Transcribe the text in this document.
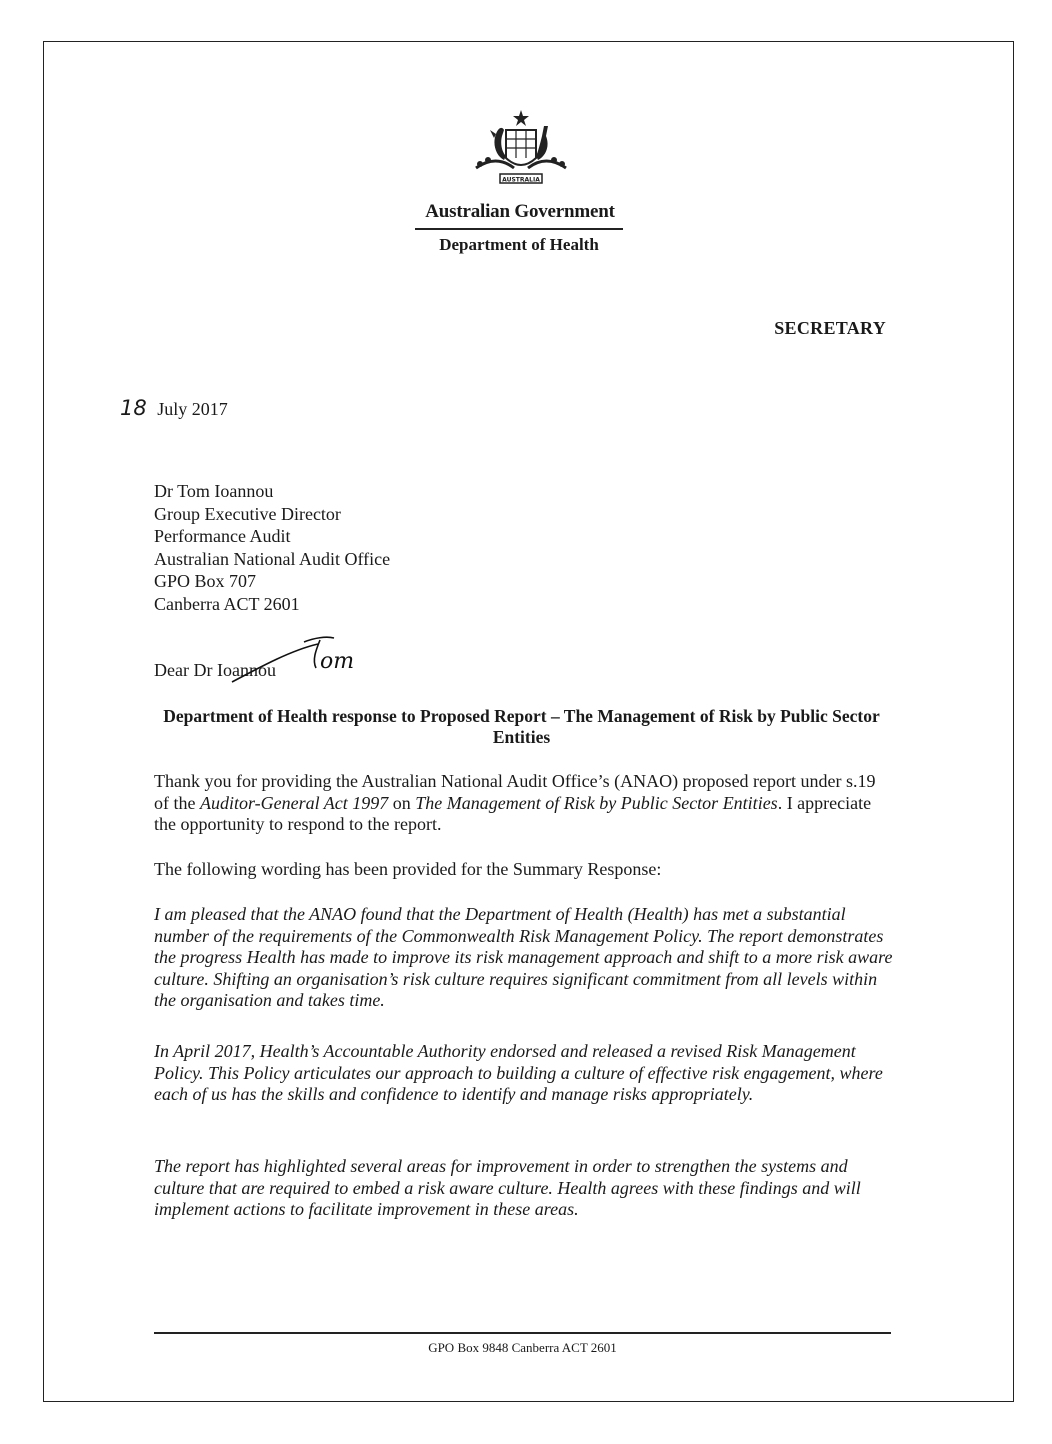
AUSTRALIA
Australian Government
Department of Health
SECRETARY
18 July 2017
Dr Tom Ioannou
Group Executive Director
Performance Audit
Australian National Audit Office
GPO Box 707
Canberra ACT 2601
Dear Dr Ioannou om
Department of Health response to Proposed Report – The Management of Risk by Public Sector Entities
Thank you for providing the Australian National Audit Office’s (ANAO) proposed report under s.19 of the Auditor-General Act 1997 on The Management of Risk by Public Sector Entities. I appreciate the opportunity to respond to the report.
The following wording has been provided for the Summary Response:
I am pleased that the ANAO found that the Department of Health (Health) has met a substantial number of the requirements of the Commonwealth Risk Management Policy. The report demonstrates the progress Health has made to improve its risk management approach and shift to a more risk aware culture. Shifting an organisation’s risk culture requires significant commitment from all levels within the organisation and takes time.
In April 2017, Health’s Accountable Authority endorsed and released a revised Risk Management Policy. This Policy articulates our approach to building a culture of effective risk engagement, where each of us has the skills and confidence to identify and manage risks appropriately.
The report has highlighted several areas for improvement in order to strengthen the systems and culture that are required to embed a risk aware culture. Health agrees with these findings and will implement actions to facilitate improvement in these areas.
GPO Box 9848 Canberra ACT 2601
